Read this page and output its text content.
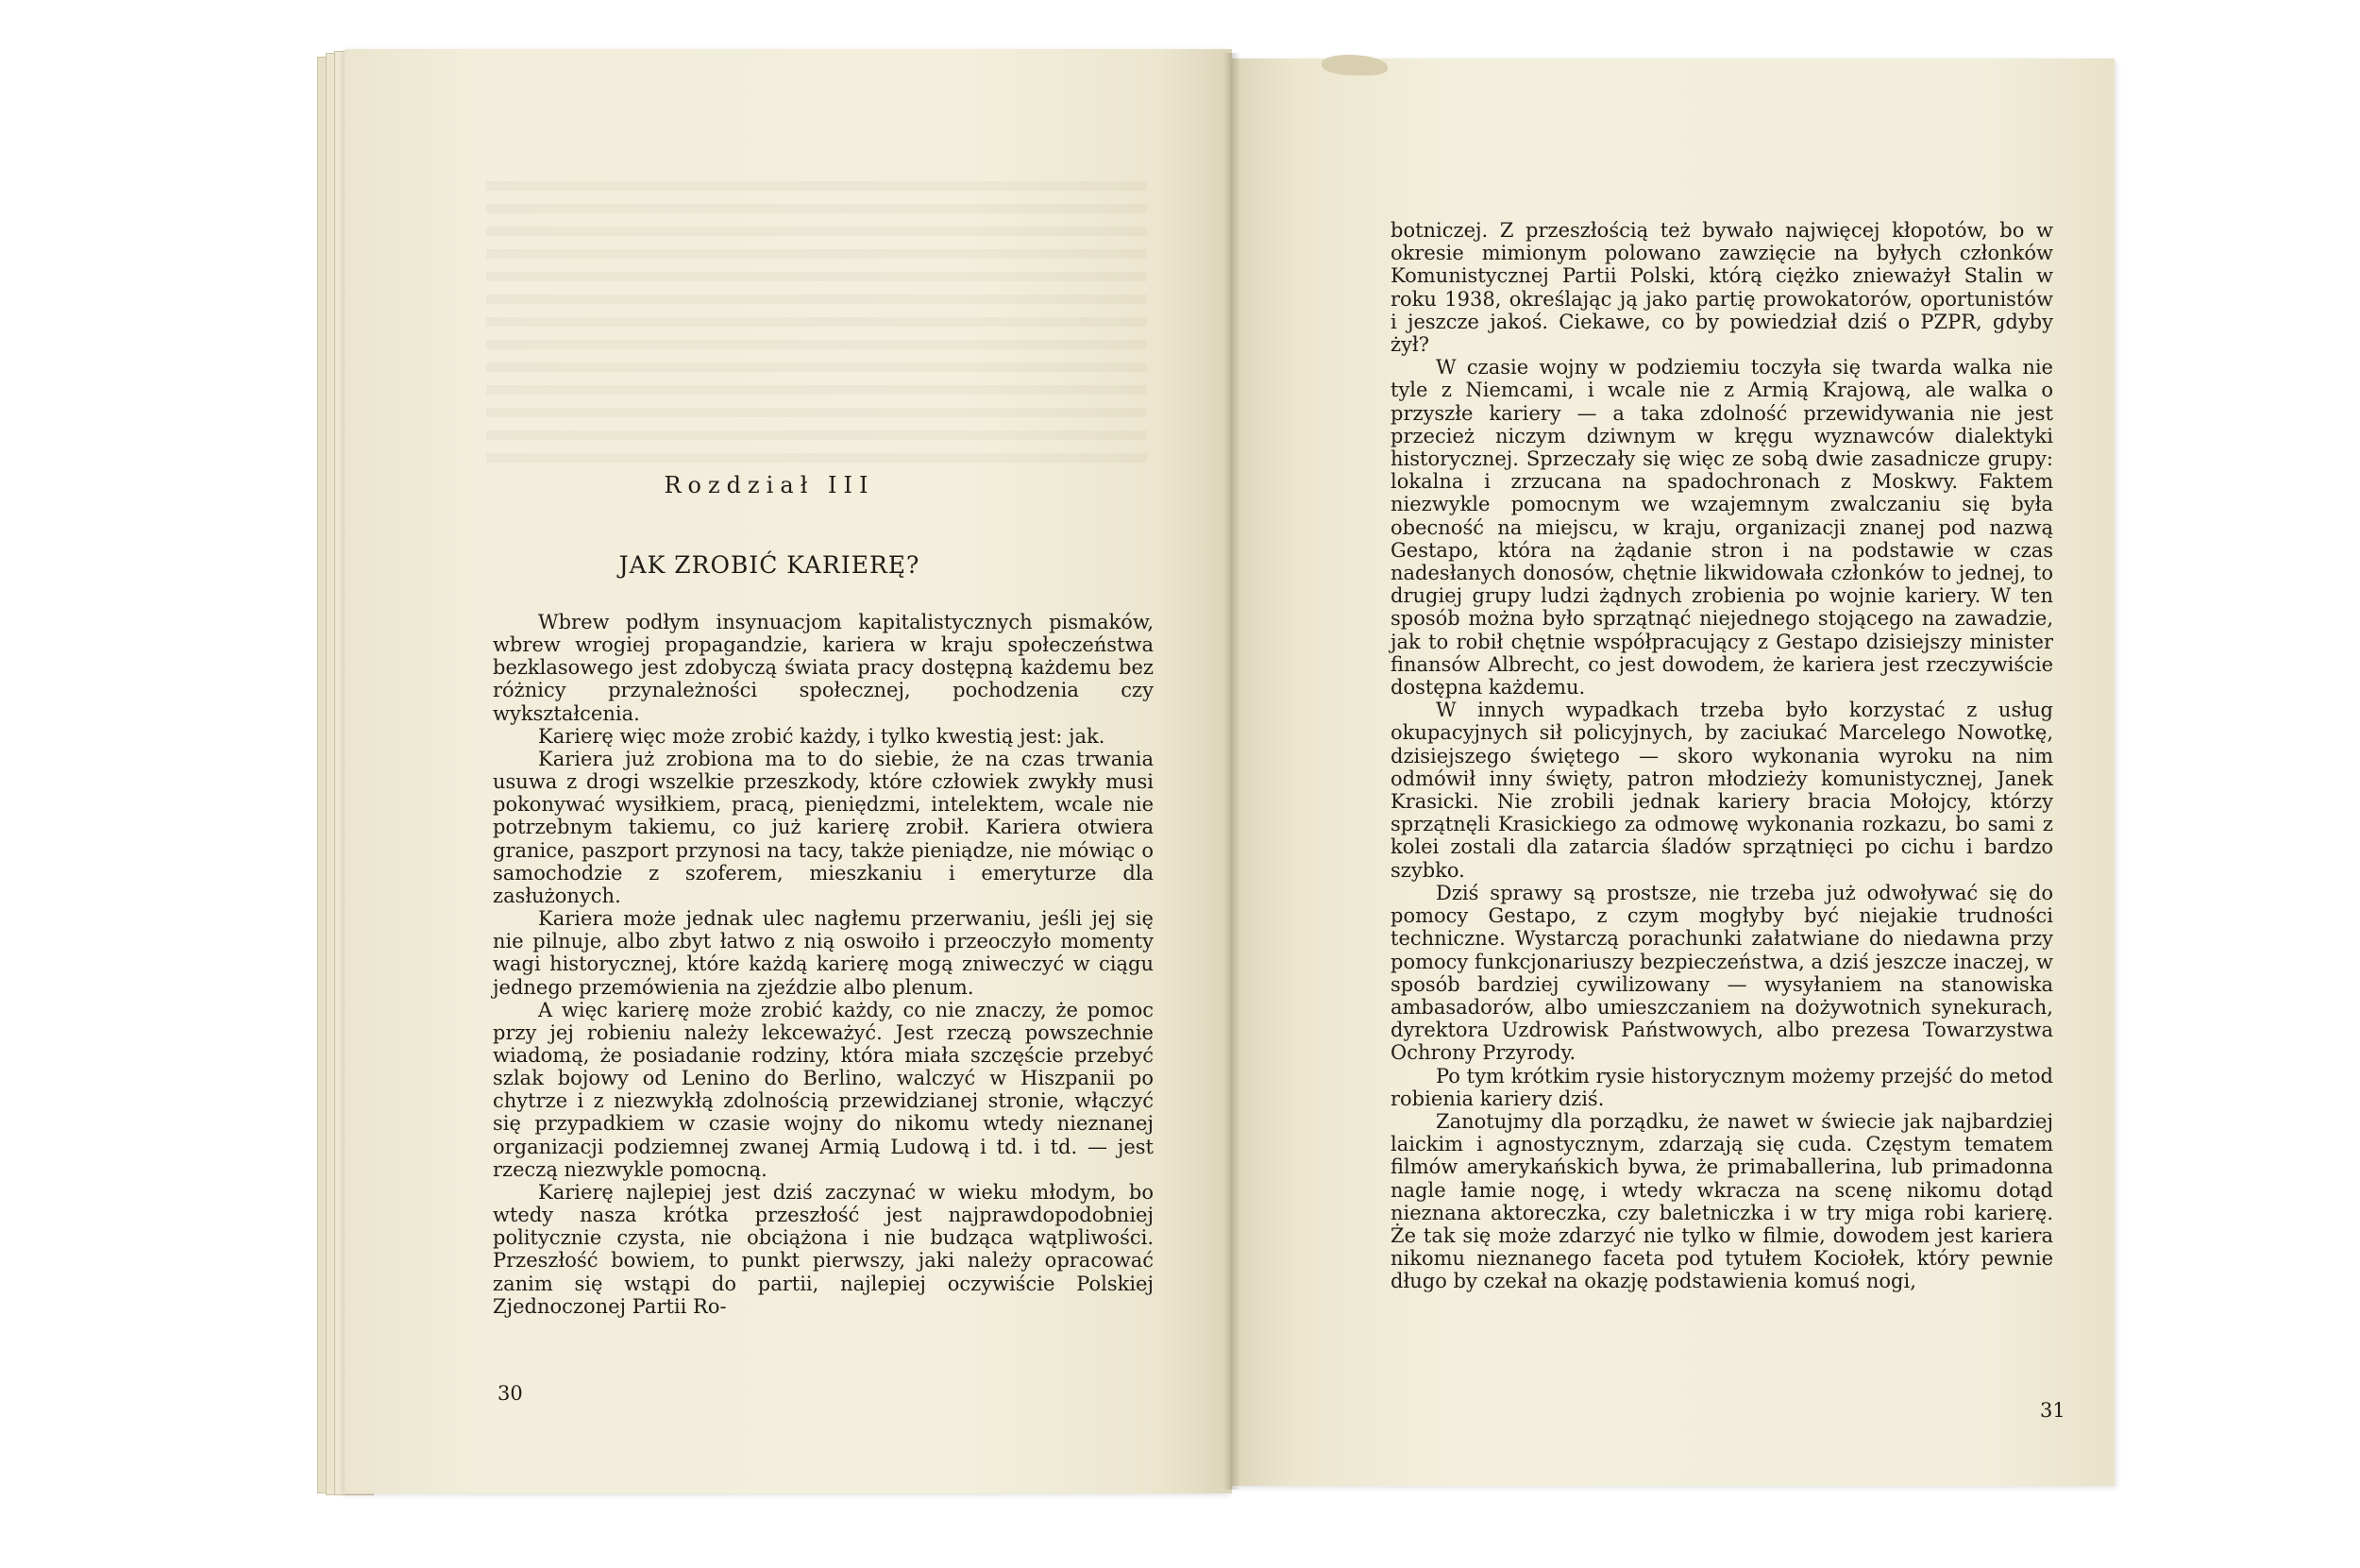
Rozdział III
JAK ZROBIĆ KARIERĘ?

Wbrew podłym insynuacjom kapitalistycznych pismaków, wbrew wrogiej propagandzie, kariera w kraju społeczeństwa bezklasowego jest zdobyczą świata pracy dostępną każdemu bez różnicy przynależności społecznej, pochodzenia czy wykształcenia.

Karierę więc może zrobić każdy, i tylko kwestią jest: jak.

Kariera już zrobiona ma to do siebie, że na czas trwania usuwa z drogi wszelkie przeszkody, które człowiek zwykły musi pokonywać wysiłkiem, pracą, pieniędzmi, intelektem, wcale nie potrzebnym takiemu, co już karierę zrobił. Kariera otwiera granice, paszport przynosi na tacy, także pieniądze, nie mówiąc o samochodzie z szoferem, mieszkaniu i emeryturze dla zasłużonych.

Kariera może jednak ulec nagłemu przerwaniu, jeśli jej się nie pilnuje, albo zbyt łatwo z nią oswoiło i przeoczyło momenty wagi historycznej, które każdą karierę mogą zniweczyć w ciągu jednego przemówienia na zjeździe albo plenum.

A więc karierę może zrobić każdy, co nie znaczy, że pomoc przy jej robieniu należy lekceważyć. Jest rzeczą powszechnie wiadomą, że posiadanie rodziny, która miała szczęście przebyć szlak bojowy od Lenino do Berlino, walczyć w Hiszpanii po chytrze i z niezwykłą zdolnością przewidzianej stronie, włączyć się przypadkiem w czasie wojny do nikomu wtedy nieznanej organizacji podziemnej zwanej Armią Ludową i td. i td. — jest rzeczą niezwykle pomocną.

Karierę najlepiej jest dziś zaczynać w wieku młodym, bo wtedy nasza krótka przeszłość jest najprawdopodobniej politycznie czysta, nie obciążona i nie budząca wątpliwości. Przeszłość bowiem, to punkt pierwszy, jaki należy opracować zanim się wstąpi do partii, najlepiej oczywiście Polskiej Zjednoczonej Partii Ro-

30

botniczej. Z przeszłością też bywało najwięcej kłopotów, bo w okresie mimionym polowano zawzięcie na byłych członków Komunistycznej Partii Polski, którą ciężko znieważył Stalin w roku 1938, określając ją jako partię prowokatorów, oportunistów i jeszcze jakoś. Ciekawe, co by powiedział dziś o PZPR, gdyby żył?

W czasie wojny w podziemiu toczyła się twarda walka nie tyle z Niemcami, i wcale nie z Armią Krajową, ale walka o przyszłe kariery — a taka zdolność przewidywania nie jest przecież niczym dziwnym w kręgu wyznawców dialektyki historycznej. Sprzeczały się więc ze sobą dwie zasadnicze grupy: lokalna i zrzucana na spadochronach z Moskwy. Faktem niezwykle pomocnym we wzajemnym zwalczaniu się była obecność na miejscu, w kraju, organizacji znanej pod nazwą Gestapo, która na żądanie stron i na podstawie w czas nadesłanych donosów, chętnie likwidowała członków to jednej, to drugiej grupy ludzi żądnych zrobienia po wojnie kariery. W ten sposób można było sprzątnąć niejednego stojącego na zawadzie, jak to robił chętnie współpracujący z Gestapo dzisiejszy minister finansów Albrecht, co jest dowodem, że kariera jest rzeczywiście dostępna każdemu.

W innych wypadkach trzeba było korzystać z usług okupacyjnych sił policyjnych, by zaciukać Marcelego Nowotkę, dzisiejszego świętego — skoro wykonania wyroku na nim odmówił inny święty, patron młodzieży komunistycznej, Janek Krasicki. Nie zrobili jednak kariery bracia Mołojcy, którzy sprzątnęli Krasickiego za odmowę wykonania rozkazu, bo sami z kolei zostali dla zatarcia śladów sprzątnięci po cichu i bardzo szybko.

Dziś sprawy są prostsze, nie trzeba już odwoływać się do pomocy Gestapo, z czym mogłyby być niejakie trudności techniczne. Wystarczą porachunki załatwiane do niedawna przy pomocy funkcjonariuszy bezpieczeństwa, a dziś jeszcze inaczej, w sposób bardziej cywilizowany — wysyłaniem na stanowiska ambasadorów, albo umieszczaniem na dożywotnich synekurach, dyrektora Uzdrowisk Państwowych, albo prezesa Towarzystwa Ochrony Przyrody.

Po tym krótkim rysie historycznym możemy przejść do metod robienia kariery dziś.

Zanotujmy dla porządku, że nawet w świecie jak najbardziej laickim i agnostycznym, zdarzają się cuda. Częstym tematem filmów amerykańskich bywa, że primaballerina, lub primadonna nagle łamie nogę, i wtedy wkracza na scenę nikomu dotąd nieznana aktoreczka, czy baletniczka i w try miga robi karierę. Że tak się może zdarzyć nie tylko w filmie, dowodem jest kariera nikomu nieznanego faceta pod tytułem Kociołek, który pewnie długo by czekał na okazję podstawienia komuś nogi,

31
